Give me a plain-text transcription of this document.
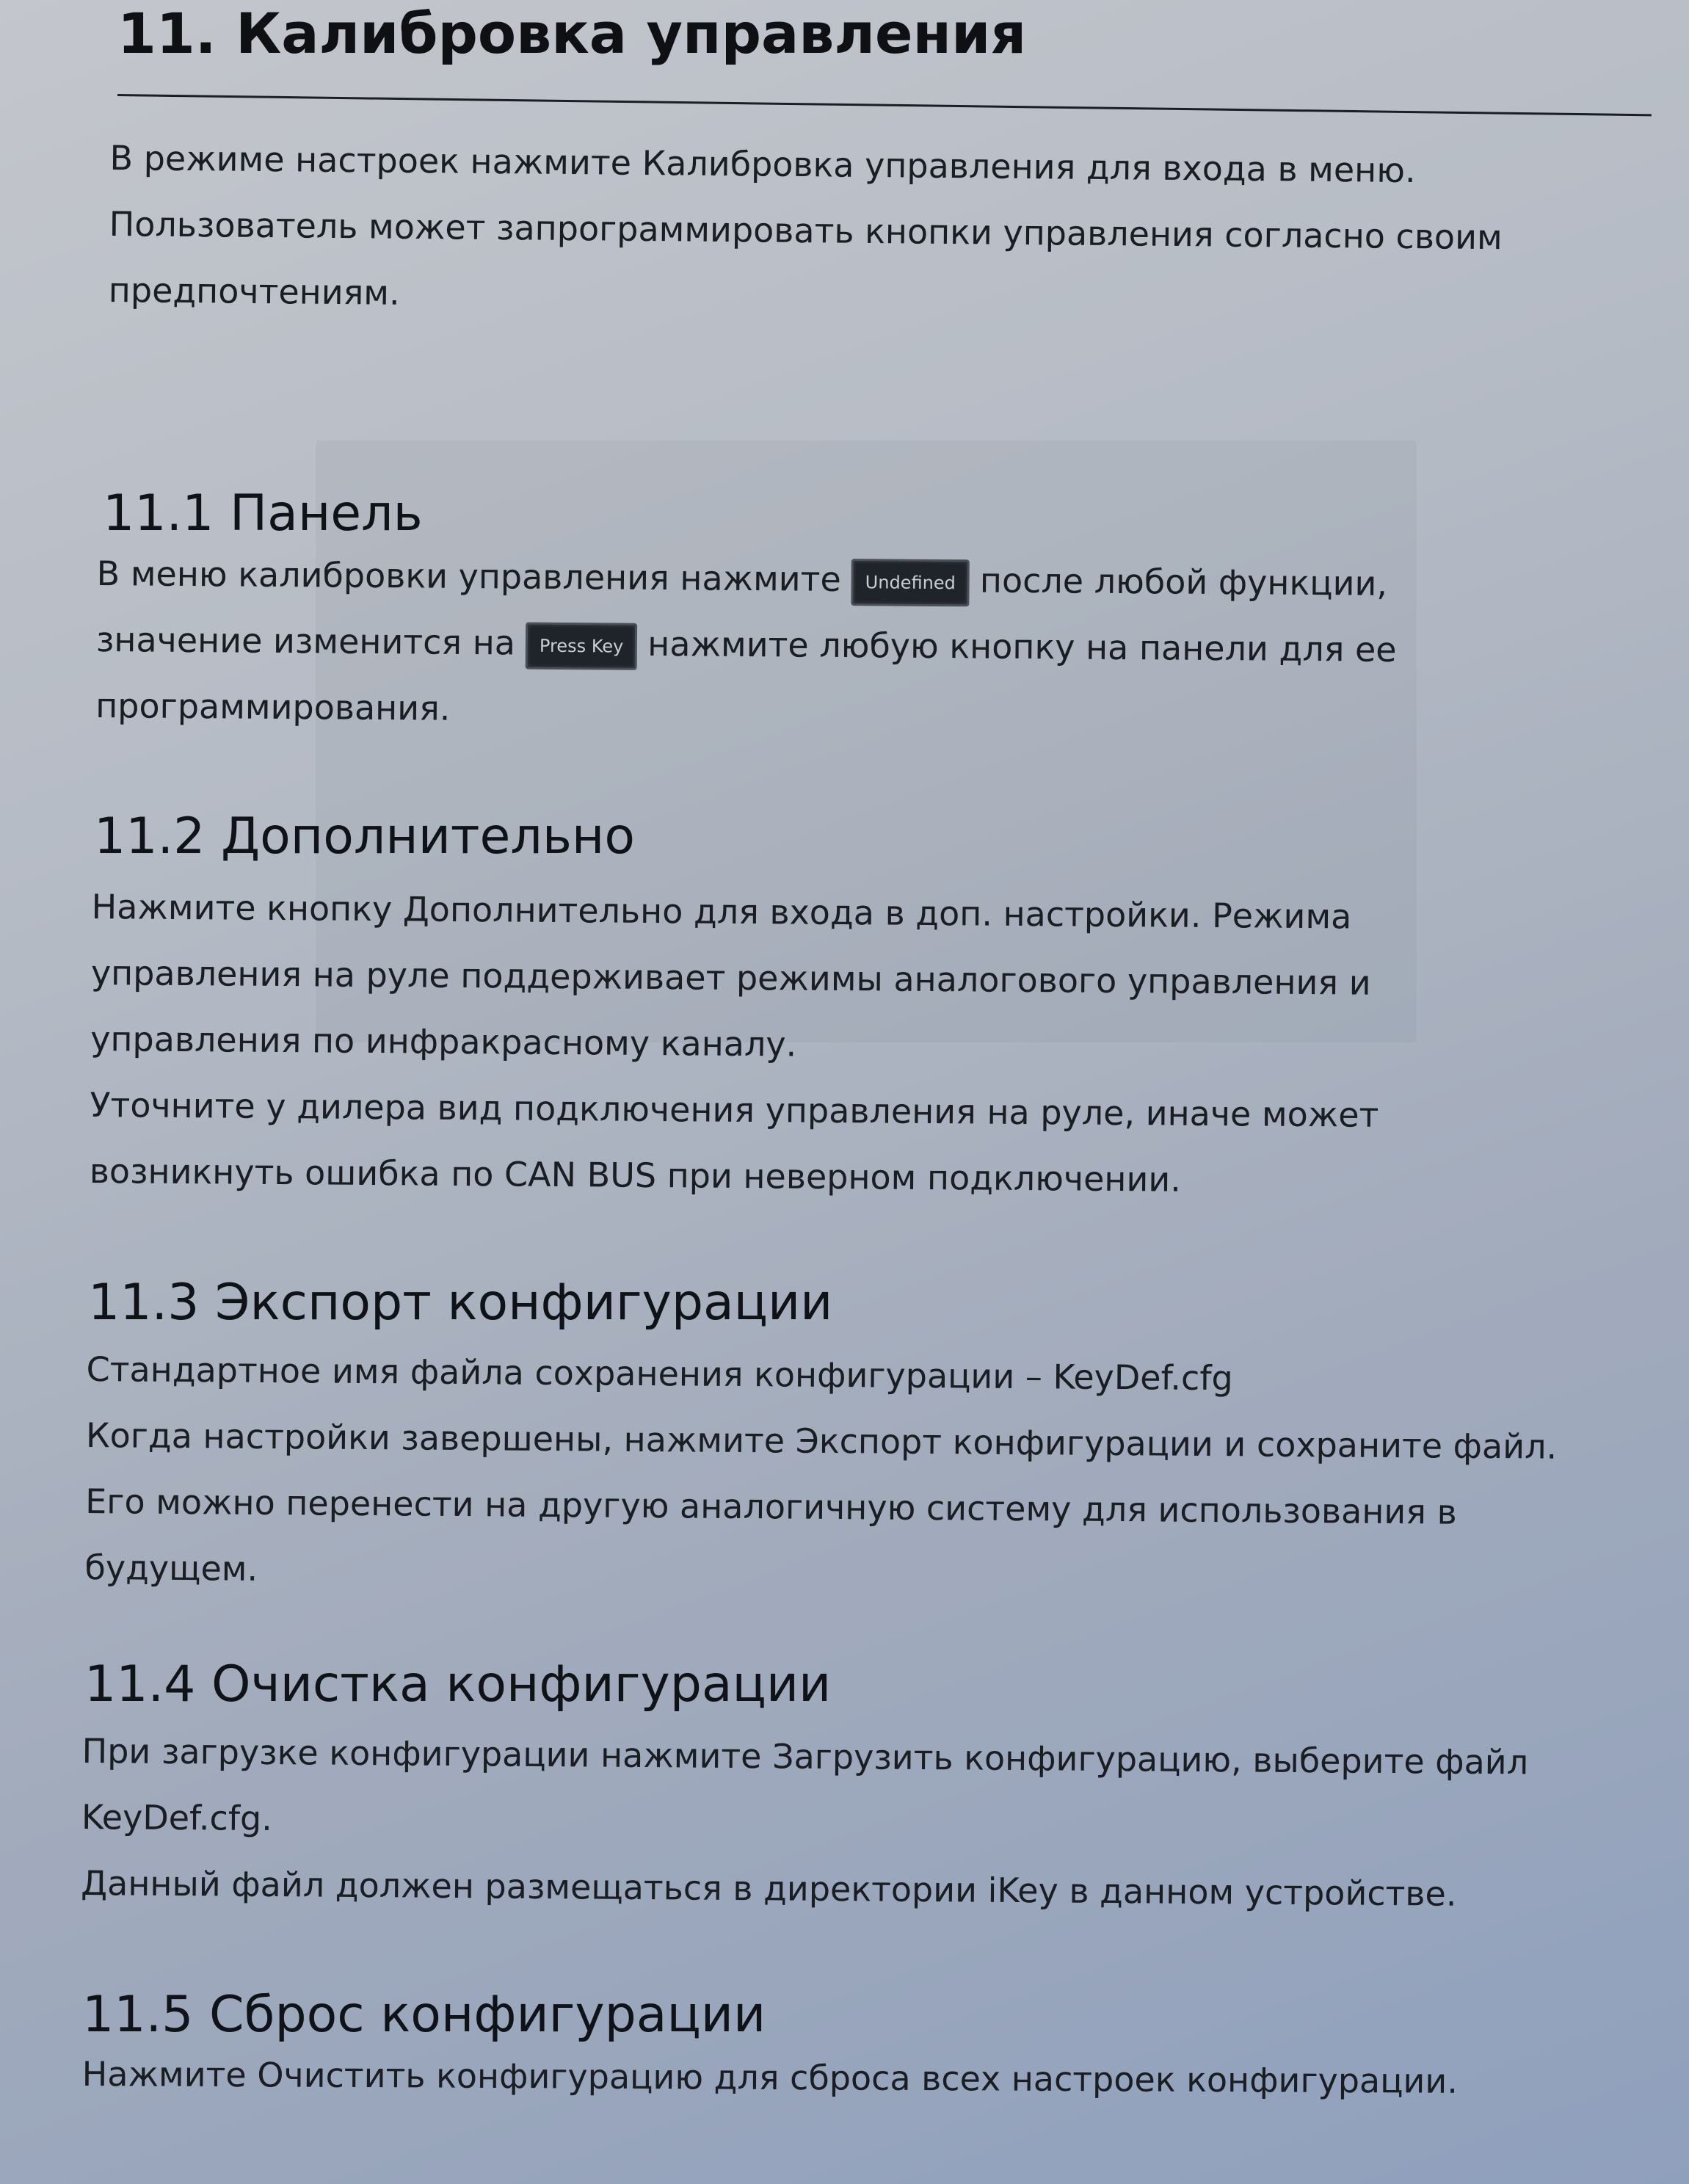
11. Калибровка управления
В режиме настроек нажмите Калибровка управления для входа в меню.
Пользователь может запрограммировать кнопки управления согласно своим
предпочтениям.
11.1 Панель
В меню калибровки управления нажмите Undefined после любой функции,
значение изменится на Press Key нажмите любую кнопку на панели для ее
программирования.
11.2 Дополнительно
Нажмите кнопку Дополнительно для входа в доп. настройки. Режима
управления на руле поддерживает режимы аналогового управления и
управления по инфракрасному каналу.
Уточните у дилера вид подключения управления на руле, иначе может
возникнуть ошибка по CAN BUS при неверном подключении.
11.3 Экспорт конфигурации
Стандартное имя файла сохранения конфигурации – KeyDef.cfg
Когда настройки завершены, нажмите Экспорт конфигурации и сохраните файл.
Его можно перенести на другую аналогичную систему для использования в
будущем.
11.4 Очистка конфигурации
При загрузке конфигурации нажмите Загрузить конфигурацию, выберите файл
KeyDef.cfg.
Данный файл должен размещаться в директории iKey в данном устройстве.
11.5 Сброс конфигурации
Нажмите Очистить конфигурацию для сброса всех настроек конфигурации.
